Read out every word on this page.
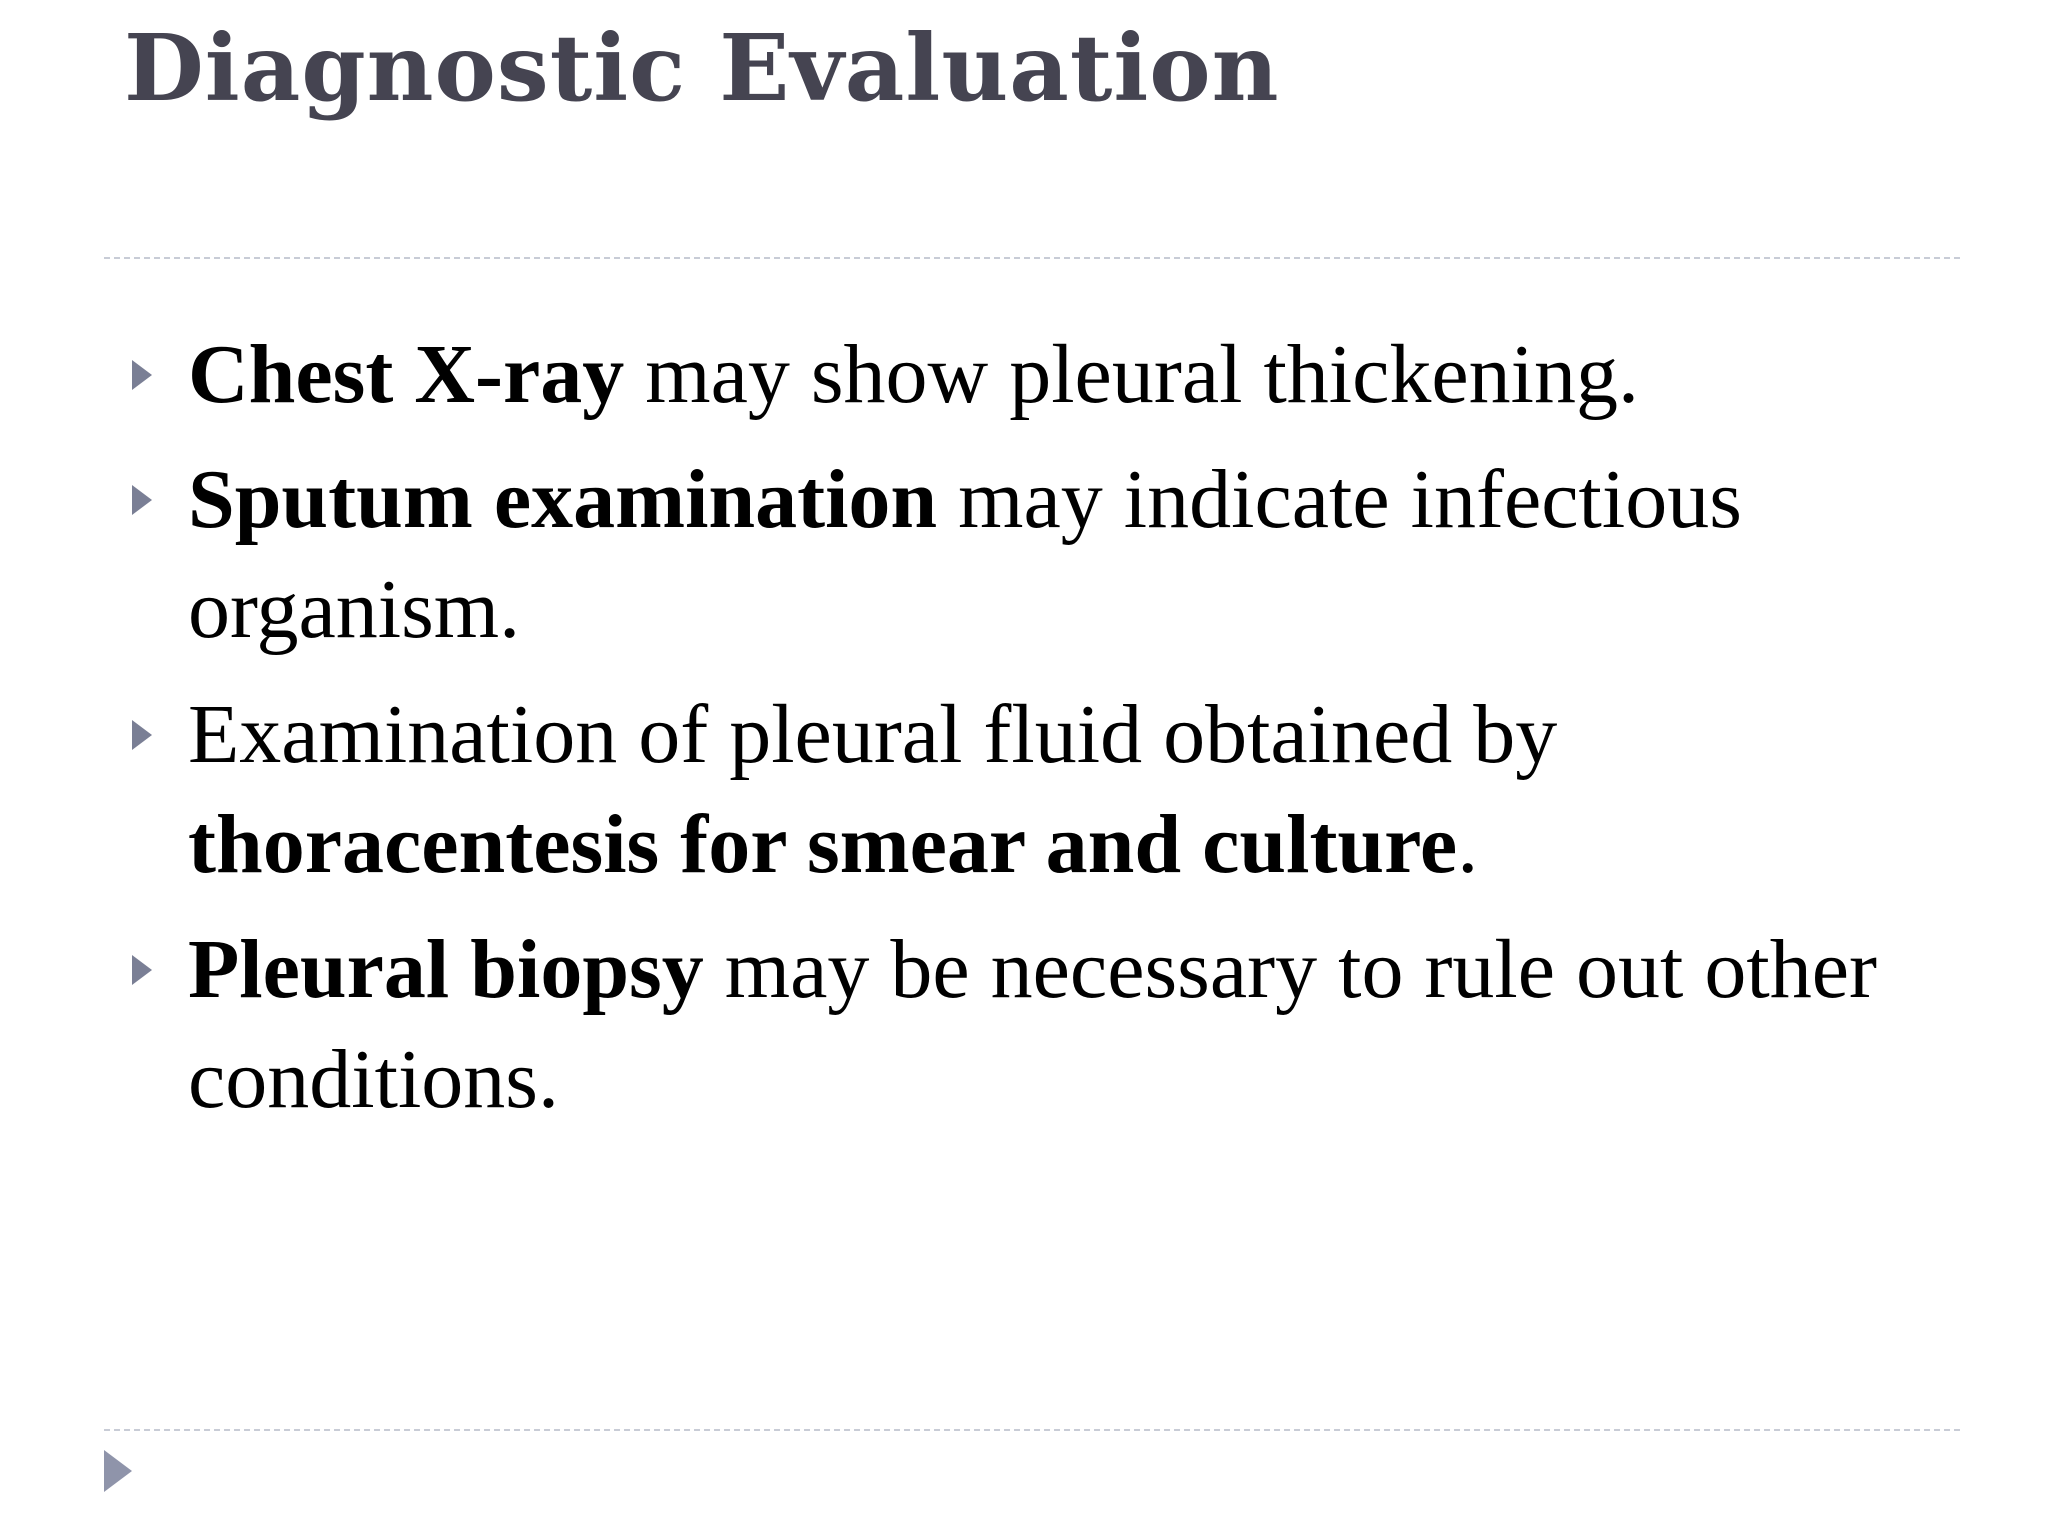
Diagnostic Evaluation
Chest X-ray may show pleural thickening.
Sputum examination may indicate infectious organism.
Examination of pleural fluid obtained by thoracentesis for smear and culture.
Pleural biopsy may be necessary to rule out other conditions.
